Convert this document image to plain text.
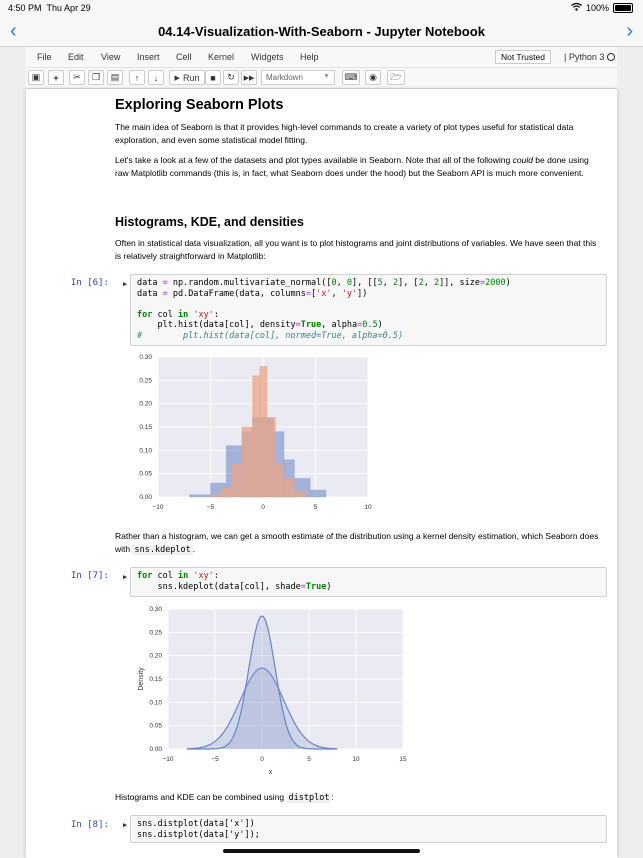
4:50 PM Thu Apr 29	100%
‹	04.14-Visualization-With-Seaborn - Jupyter Notebook	›
File Edit View Insert Cell Kernel Widgets Help	Not Trusted	| Python 3
▣ + ✂ ❐ ▤ ↑ ↓ ▶ Run ■ ↻ ▶▶	Markdown	▼ ⌨ ◉ 🗁
Exploring Seaborn Plots
The main idea of Seaborn is that it provides high-level commands to create a variety of plot types useful for statistical data exploration, and even some statistical model fitting.
Let's take a look at a few of the datasets and plot types available in Seaborn. Note that all of the following could be done using raw Matplotlib commands (this is, in fact, what Seaborn does under the hood) but the Seaborn API is much more convenient.
Histograms, KDE, and densities
Often in statistical data visualization, all you want is to plot histograms and joint distributions of variables. We have seen that this is relatively straightforward in Matplotlib:
In [6]: ▶ data = np.random.multivariate_normal([0, 0], [[5, 2], [2, 2]], size=2000)
data = pd.DataFrame(data, columns=['x', 'y'])

for col in 'xy':
plt.hist(data[col], density=True, alpha=0.5)
#        plt.hist(data[col], normed=True, alpha=0.5)
−10	−5	0	5	10
0.00
0.05
0.10
0.15
0.20
0.25
0.30
Rather than a histogram, we can get a smooth estimate of the distribution using a kernel density estimation, which Seaborn does with sns.kdeplot .
In [7]: ▶ for col in 'xy':
sns.kdeplot(data[col], shade=True)
−10	−5	0	5	10	15
0.00
0.05
0.10
0.15
0.20
0.25
0.30
x
Density
Histograms and KDE can be combined using distplot :
In [8]: ▶ sns.distplot(data['x'])
sns.distplot(data['y']);
